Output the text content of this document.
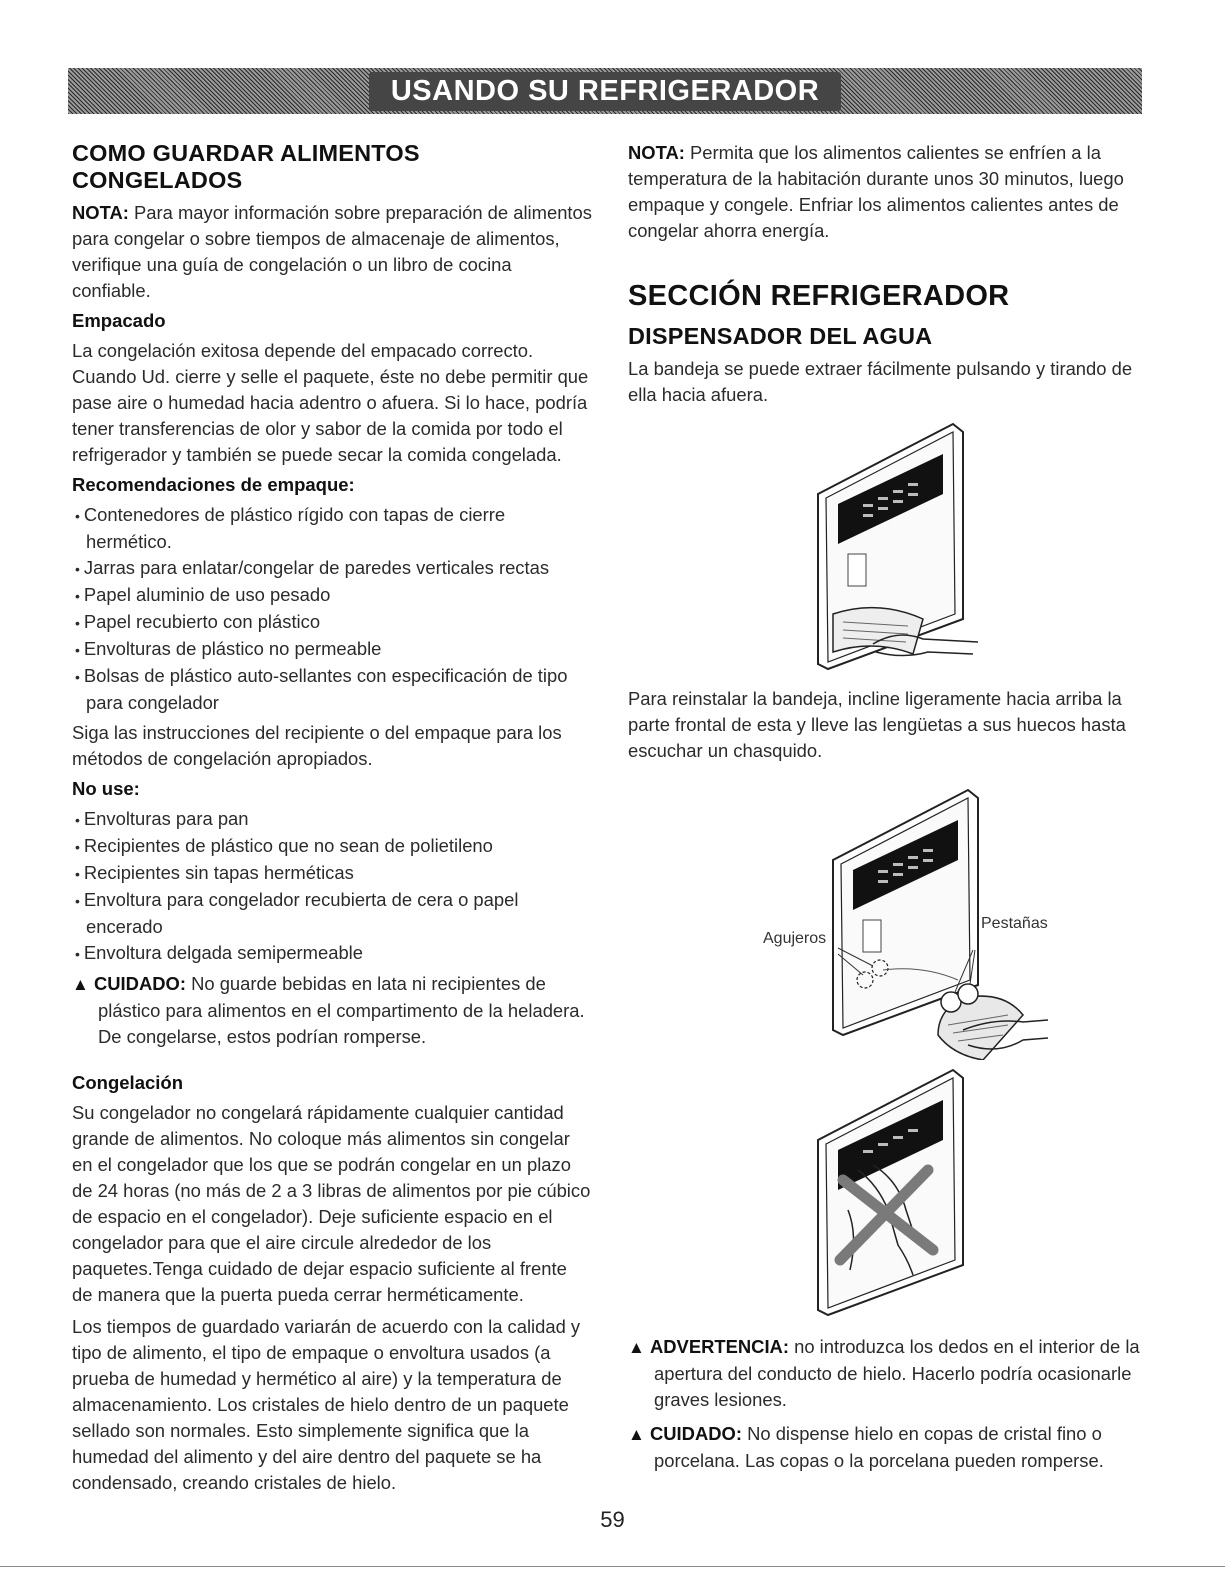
USANDO SU REFRIGERADOR
COMO GUARDAR ALIMENTOS CONGELADOS

NOTA: Para mayor información sobre preparación de alimentos para congelar o sobre tiempos de almacenaje de alimentos, verifique una guía de congelación o un libro de cocina confiable.

Empacado

La congelación exitosa depende del empacado correcto. Cuando Ud. cierre y selle el paquete, éste no debe permitir que pase aire o humedad hacia adentro o afuera. Si lo hace, podría tener transferencias de olor y sabor de la comida por todo el refrigerador y también se puede secar la comida congelada.

Recomendaciones de empaque:
• Contenedores de plástico rígido con tapas de cierre hermético.
• Jarras para enlatar/congelar de paredes verticales rectas
• Papel aluminio de uso pesado
• Papel recubierto con plástico
• Envolturas de plástico no permeable
• Bolsas de plástico auto-sellantes con especificación de tipo para congelador

Siga las instrucciones del recipiente o del empaque para los métodos de congelación apropiados.

No use:
• Envolturas para pan
• Recipientes de plástico que no sean de polietileno
• Recipientes sin tapas herméticas
• Envoltura para congelador recubierta de cera o papel encerado
• Envoltura delgada semipermeable

▲ CUIDADO: No guarde bebidas en lata ni recipientes de plástico para alimentos en el compartimento de la heladera. De congelarse, estos podrían romperse.

Congelación

Su congelador no congelará rápidamente cualquier cantidad grande de alimentos. No coloque más alimentos sin congelar en el congelador que los que se podrán congelar en un plazo de 24 horas (no más de 2 a 3 libras de alimentos por pie cúbico de espacio en el congelador). Deje suficiente espacio en el congelador para que el aire circule alrededor de los paquetes.Tenga cuidado de dejar espacio suficiente al frente de manera que la puerta pueda cerrar herméticamente.

Los tiempos de guardado variarán de acuerdo con la calidad y tipo de alimento, el tipo de empaque o envoltura usados (a prueba de humedad y hermético al aire) y la temperatura de almacenamiento. Los cristales de hielo dentro de un paquete sellado son normales. Esto simplemente significa que la humedad del alimento y del aire dentro del paquete se ha condensado, creando cristales de hielo.

NOTA: Permita que los alimentos calientes se enfríen a la temperatura de la habitación durante unos 30 minutos, luego empaque y congele. Enfriar los alimentos calientes antes de congelar ahorra energía.

SECCIÓN REFRIGERADOR
DISPENSADOR DEL AGUA

La bandeja se puede extraer fácilmente pulsando y tirando de ella hacia afuera.

Para reinstalar la bandeja, incline ligeramente hacia arriba la parte frontal de esta y lleve las lengüetas a sus huecos hasta escuchar un chasquido.

Agujeros
Pestañas

▲ ADVERTENCIA: no introduzca los dedos en el interior de la apertura del conducto de hielo. Hacerlo podría ocasionarle graves lesiones.

▲ CUIDADO: No dispense hielo en copas de cristal fino o porcelana. Las copas o la porcelana pueden romperse.

59
